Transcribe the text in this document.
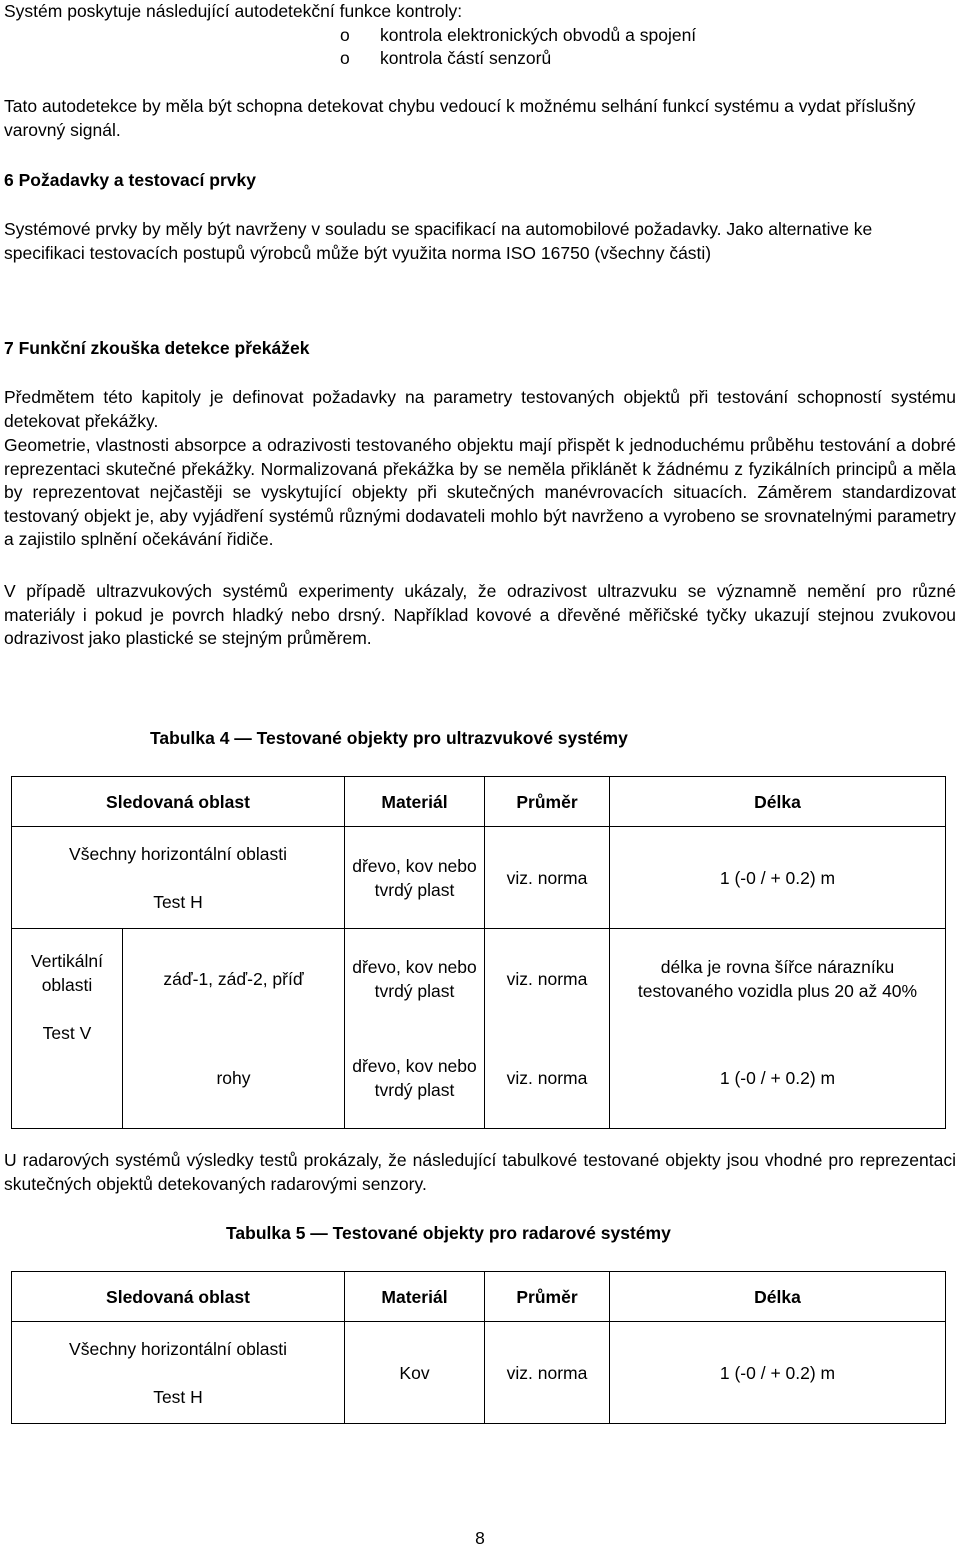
Systém poskytuje následující autodetekční funkce kontroly:

o kontrola elektronických obvodů a spojení
o kontrola částí senzorů

Tato autodetekce by měla být schopna detekovat chybu vedoucí k možnému selhání funkcí systému a vydat příslušný varovný signál.

6 Požadavky a testovací prvky

Systémové prvky by měly být navrženy v souladu se spacifikací na automobilové požadavky. Jako alternative ke specifikaci testovacích postupů výrobců může být využita norma ISO 16750 (všechny části)

7 Funkční zkouška detekce překážek

Předmětem této kapitoly je definovat požadavky na parametry testovaných objektů při testování schopností systému detekovat překážky.

Geometrie, vlastnosti absorpce a odrazivosti testovaného objektu mají přispět k jednoduchému průběhu testování a dobré reprezentaci skutečné překážky. Normalizovaná překážka by se neměla přiklánět k žádnému z fyzikálních principů a měla by reprezentovat nejčastěji se vyskytující objekty při skutečných manévrovacích situacích. Záměrem standardizovat testovaný objekt je, aby vyjádření systémů různými dodavateli mohlo být navrženo a vyrobeno se srovnatelnými parametry a zajistilo splnění očekávání řidiče.

V případě ultrazvukových systémů experimenty ukázaly, že odrazivost ultrazvuku se významně nemění pro různé materiály i pokud je povrch hladký nebo drsný. Například kovové a dřevěné měřičské tyčky ukazují stejnou zvukovou odrazivost jako plastické se stejným průměrem.

Tabulka 4 — Testované objekty pro ultrazvukové systémy
Sledovaná oblast		Materiál	Průměr	Délka

Všechny horizontální oblasti
Test H		dřevo, kov nebo tvrdý plast	viz. norma	1 (-0 / + 0.2) m

Vertikální oblasti
Test V	záď-1, záď-2, příď	dřevo, kov nebo tvrdý plast	viz. norma	délka je rovna šířce nárazníku testovaného vozidla plus 20 až 40%
	rohy	dřevo, kov nebo tvrdý plast	viz. norma	1 (-0 / + 0.2) m

U radarových systémů výsledky testů prokázaly, že následující tabulkové testované objekty jsou vhodné pro reprezentaci skutečných objektů detekovaných radarovými senzory.

Tabulka 5 — Testované objekty pro radarové systémy
Sledovaná oblast	Materiál	Průměr	Délka

Všechny horizontální oblasti
Test H	Kov	viz. norma	1 (-0 / + 0.2) m
8
